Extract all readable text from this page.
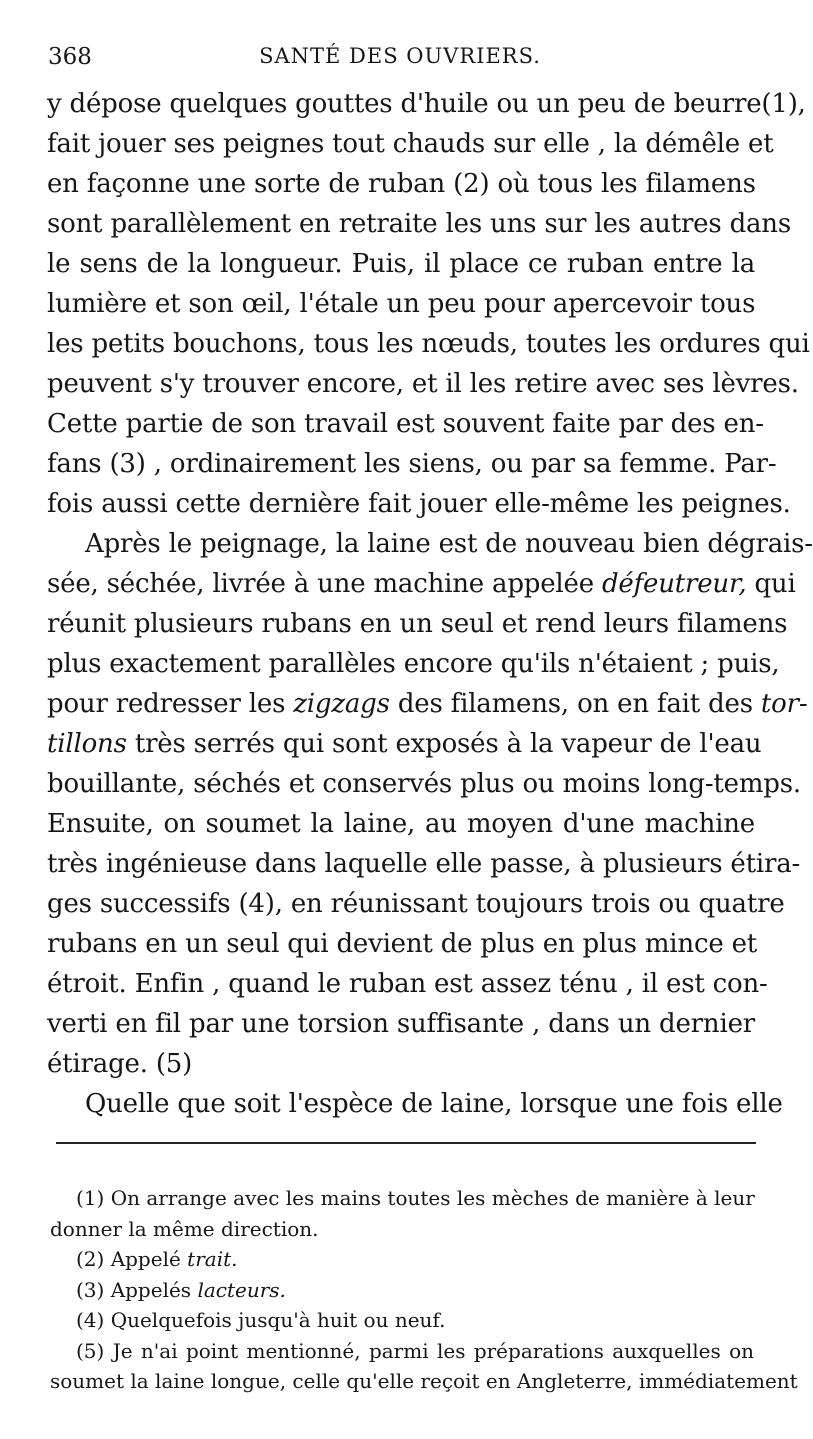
368	SANTÉ DES OUVRIERS.
y dépose quelques gouttes d'huile ou un peu de beurre(1),
fait jouer ses peignes tout chauds sur elle , la démêle et
en façonne une sorte de ruban (2) où tous les filamens
sont parallèlement en retraite les uns sur les autres dans
le sens de la longueur. Puis, il place ce ruban entre la
lumière et son œil, l'étale un peu pour apercevoir tous
les petits bouchons, tous les nœuds, toutes les ordures qui
peuvent s'y trouver encore, et il les retire avec ses lèvres.
Cette partie de son travail est souvent faite par des en-
fans (3) , ordinairement les siens, ou par sa femme. Par-
fois aussi cette dernière fait jouer elle-même les peignes.
Après le peignage, la laine est de nouveau bien dégrais-
sée, séchée, livrée à une machine appelée défeutreur, qui
réunit plusieurs rubans en un seul et rend leurs filamens
plus exactement parallèles encore qu'ils n'étaient ; puis,
pour redresser les zigzags des filamens, on en fait des tor-
tillons très serrés qui sont exposés à la vapeur de l'eau
bouillante, séchés et conservés plus ou moins long-temps.
Ensuite, on soumet la laine, au moyen d'une machine
très ingénieuse dans laquelle elle passe, à plusieurs étira-
ges successifs (4), en réunissant toujours trois ou quatre
rubans en un seul qui devient de plus en plus mince et
étroit. Enfin , quand le ruban est assez ténu , il est con-
verti en fil par une torsion suffisante , dans un dernier
étirage. (5)
Quelle que soit l'espèce de laine, lorsque une fois elle
(1) On arrange avec les mains toutes les mèches de manière à leur
donner la même direction.
(2) Appelé trait.
(3) Appelés lacteurs.
(4) Quelquefois jusqu'à huit ou neuf.
(5) Je n'ai point mentionné, parmi les préparations auxquelles on
soumet la laine longue, celle qu'elle reçoit en Angleterre, immédiatement
